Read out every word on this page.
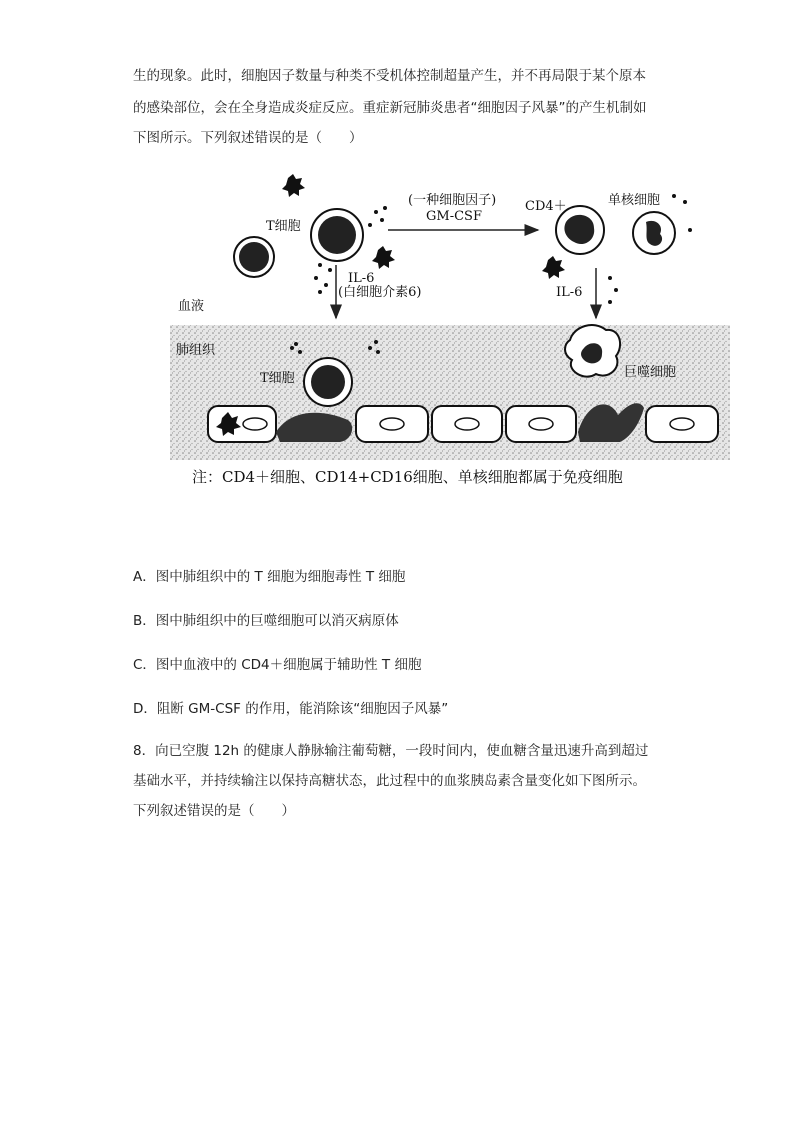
生的现象。此时，细胞因子数量与种类不受机体控制超量产生，并不再局限于某个原本
的感染部位，会在全身造成炎症反应。重症新冠肺炎患者“细胞因子风暴”的产生机制如
下图所示。下列叙述错误的是（　　）
(一种细胞因子)
GM-CSF
IL-6
(白细胞介素6)
T细胞
CD4＋	单核细胞
IL-6
血液
肺组织
T细胞	巨噬细胞
注：CD4＋细胞、CD14+CD16细胞、单核细胞都属于免疫细胞
A．图中肺组织中的 T 细胞为细胞毒性 T 细胞
B．图中肺组织中的巨噬细胞可以消灭病原体
C．图中血液中的 CD4＋细胞属于辅助性 T 细胞
D．阻断 GM-CSF 的作用，能消除该“细胞因子风暴”
8．向已空腹 12h 的健康人静脉输注葡萄糖，一段时间内，使血糖含量迅速升高到超过
基础水平，并持续输注以保持高糖状态，此过程中的血浆胰岛素含量变化如下图所示。
下列叙述错误的是（　　）
